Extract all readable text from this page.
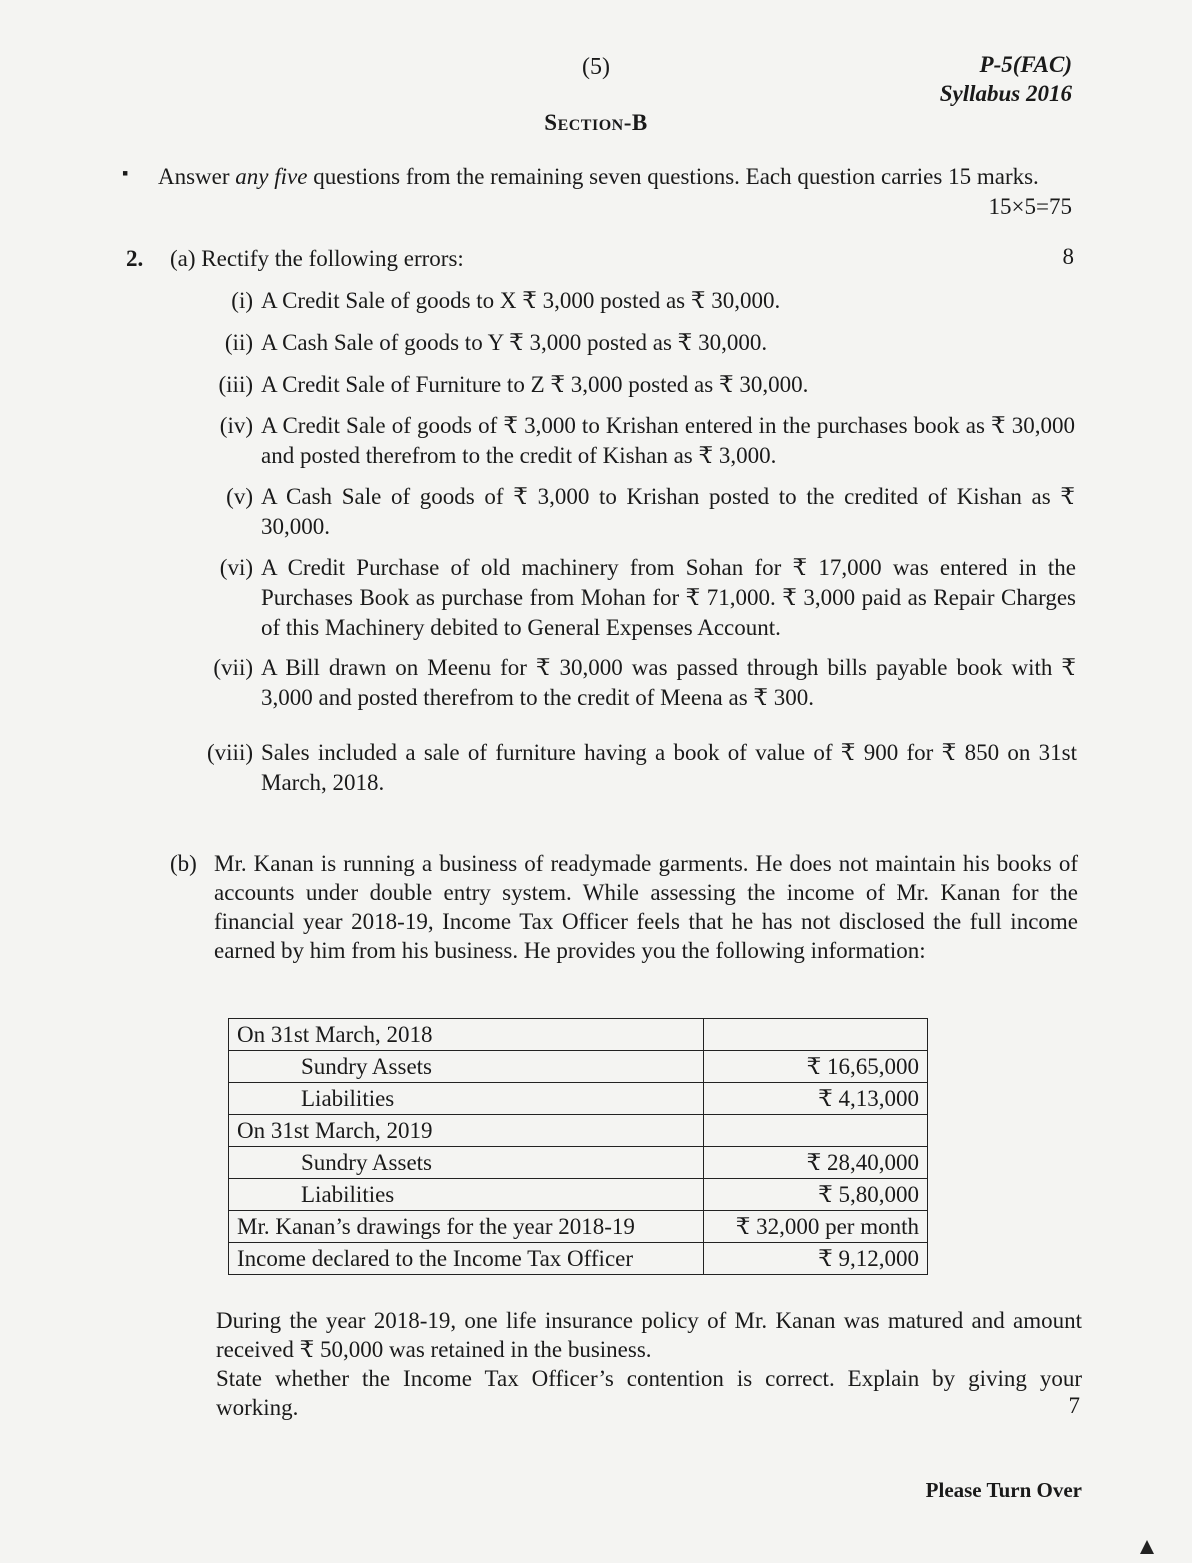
(5)	P-5(FAC)
Syllabus 2016
Section-B
▪ Answer any five questions from the remaining seven questions. Each question carries 15 marks.
15×5=75
2. (a) Rectify the following errors:	8
(i) A Credit Sale of goods to X ₹ 3,000 posted as ₹ 30,000.
(ii) A Cash Sale of goods to Y ₹ 3,000 posted as ₹ 30,000.
(iii) A Credit Sale of Furniture to Z ₹ 3,000 posted as ₹ 30,000.
(iv) A Credit Sale of goods of ₹ 3,000 to Krishan entered in the purchases book as ₹ 30,000 and posted therefrom to the credit of Kishan as ₹ 3,000.
(v) A Cash Sale of goods of ₹ 3,000 to Krishan posted to the credited of Kishan as ₹ 30,000.
(vi) A Credit Purchase of old machinery from Sohan for ₹ 17,000 was entered in the Purchases Book as purchase from Mohan for ₹ 71,000. ₹ 3,000 paid as Repair Charges of this Machinery debited to General Expenses Account.
(vii) A Bill drawn on Meenu for ₹ 30,000 was passed through bills payable book with ₹ 3,000 and posted therefrom to the credit of Meena as ₹ 300.
(viii) Sales included a sale of furniture having a book of value of ₹ 900 for ₹ 850 on 31st March, 2018.
(b) Mr. Kanan is running a business of readymade garments. He does not maintain his books of accounts under double entry system. While assessing the income of Mr. Kanan for the financial year 2018-19, Income Tax Officer feels that he has not disclosed the full income earned by him from his business. He provides you the following information:
On 31st March, 2018	
Sundry Assets	₹ 16,65,000
Liabilities	₹ 4,13,000
On 31st March, 2019	
Sundry Assets	₹ 28,40,000
Liabilities	₹ 5,80,000
Mr. Kanan’s drawings for the year 2018-19	₹ 32,000 per month
Income declared to the Income Tax Officer	₹ 9,12,000
During the year 2018-19, one life insurance policy of Mr. Kanan was matured and amount received ₹ 50,000 was retained in the business.
State whether the Income Tax Officer’s contention is correct. Explain by giving your working.	7
Please Turn Over
